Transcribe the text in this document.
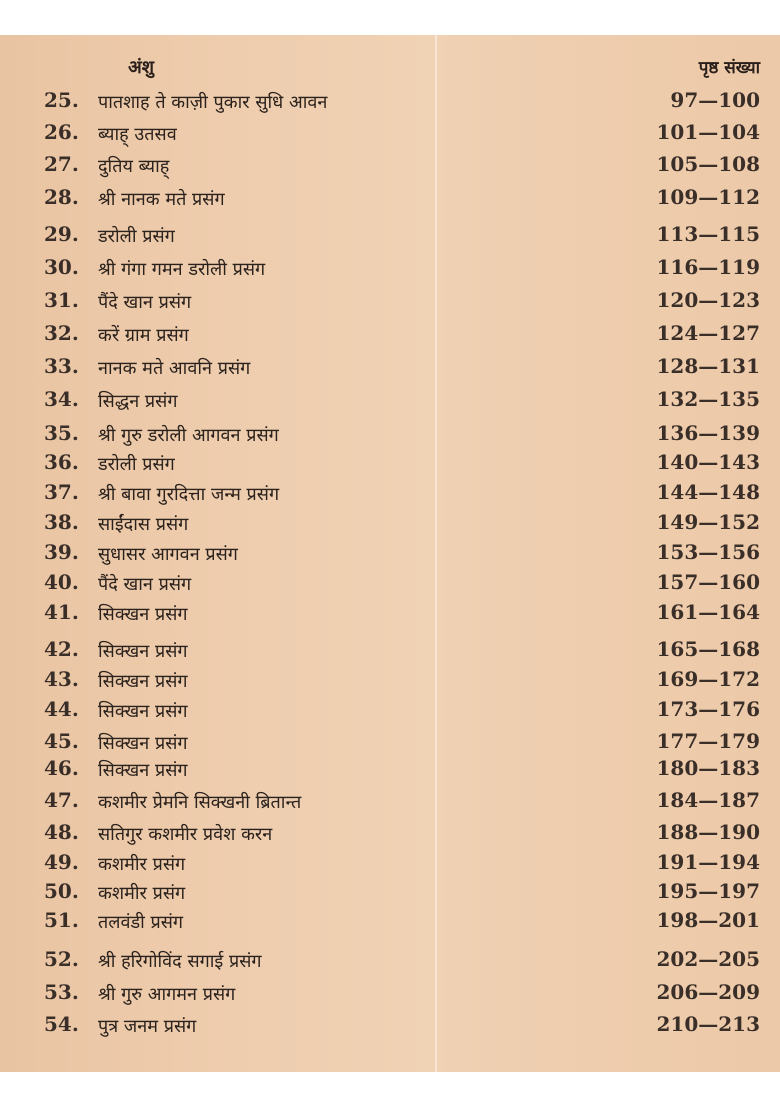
अंशु	पृष्ठ संख्या
25. पातशाह ते काज़ी पुकार सुधि आवन	97—100
26. ब्याह् उतसव	101—104
27. दुतिय ब्याह्	105—108
28. श्री नानक मते प्रसंग	109—112
29. डरोली प्रसंग	113—115
30. श्री गंगा गमन डरोली प्रसंग	116—119
31. पैंदे खान प्रसंग	120—123
32. करें ग्राम प्रसंग	124—127
33. नानक मते आवनि प्रसंग	128—131
34. सिद्धन प्रसंग	132—135
35. श्री गुरु डरोली आगवन प्रसंग	136—139
36. डरोली प्रसंग	140—143
37. श्री बावा गुरदित्ता जन्म प्रसंग	144—148
38. साईंदास प्रसंग	149—152
39. सुधासर आगवन प्रसंग	153—156
40. पैंदे खान प्रसंग	157—160
41. सिक्खन प्रसंग	161—164
42. सिक्खन प्रसंग	165—168
43. सिक्खन प्रसंग	169—172
44. सिक्खन प्रसंग	173—176
45. सिक्खन प्रसंग	177—179
46. सिक्खन प्रसंग	180—183
47. कशमीर प्रेमनि सिक्खनी ब्रितान्त	184—187
48. सतिगुर कशमीर प्रवेश करन	188—190
49. कशमीर प्रसंग	191—194
50. कशमीर प्रसंग	195—197
51. तलवंडी प्रसंग	198—201
52. श्री हरिगोविंद सगाई प्रसंग	202—205
53. श्री गुरु आगमन प्रसंग	206—209
54. पुत्र जनम प्रसंग	210—213
